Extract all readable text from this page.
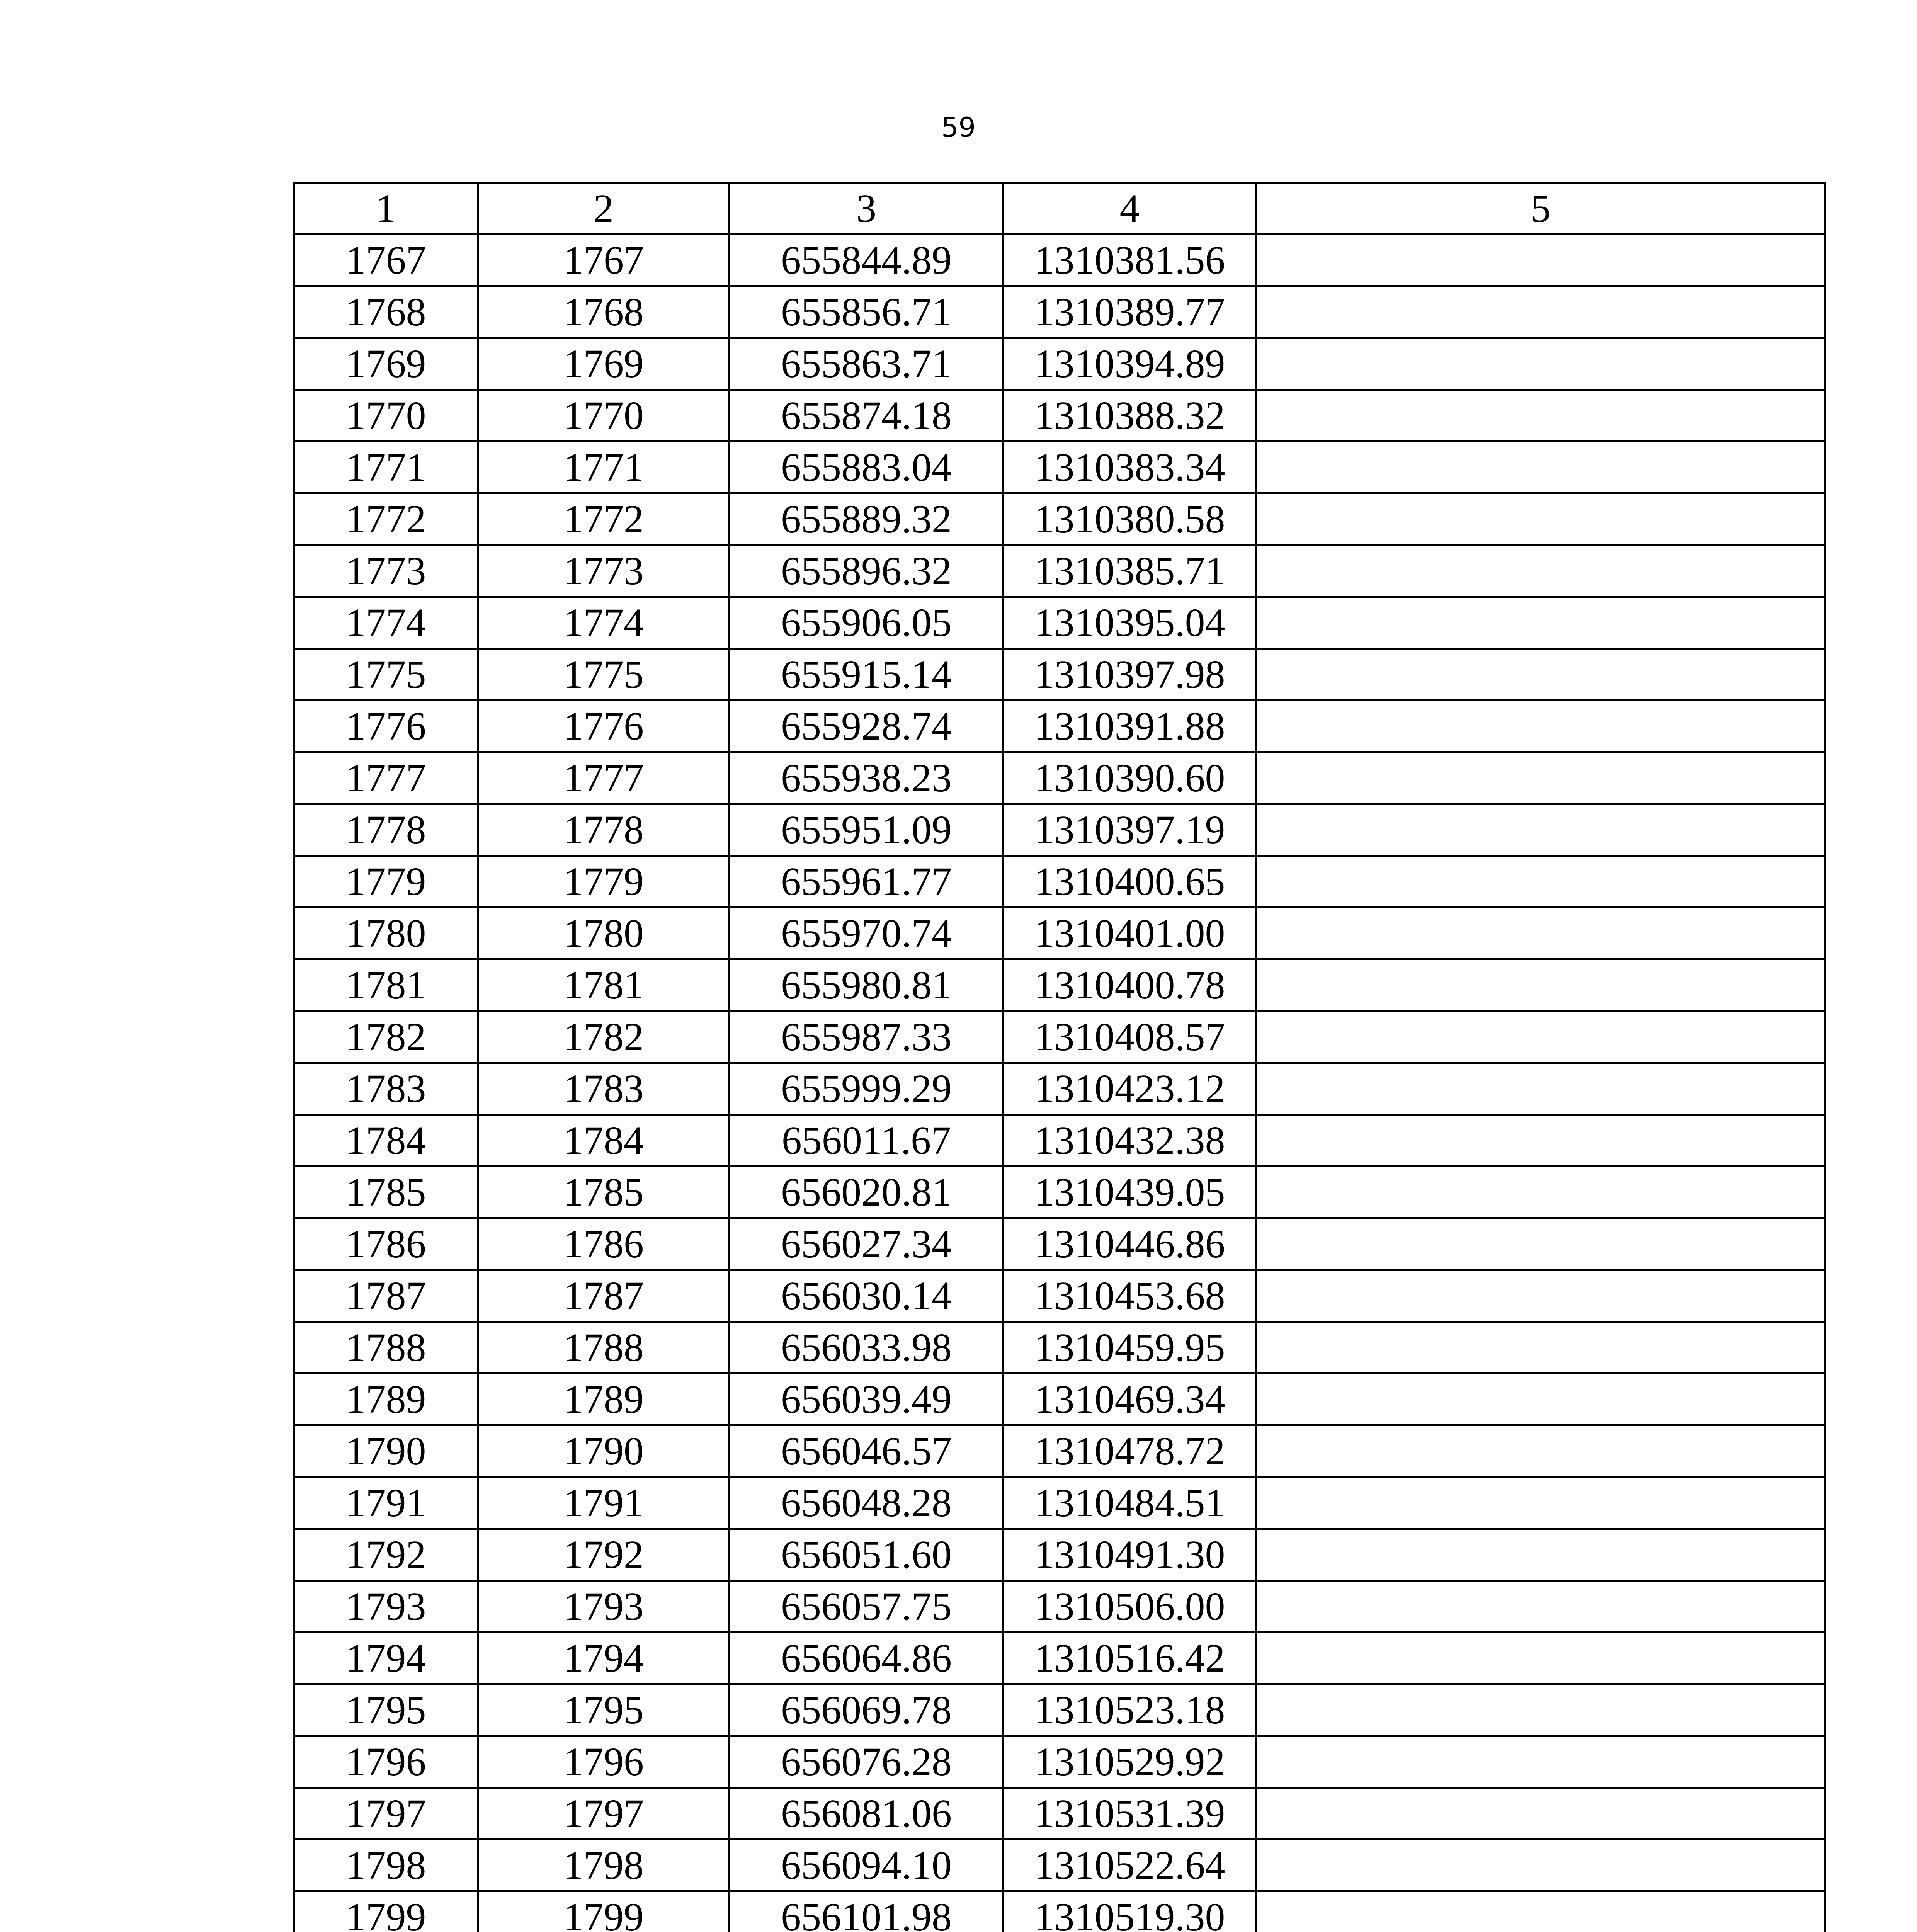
59
1	2	3	4	5
1767	1767	655844.89	1310381.56	
1768	1768	655856.71	1310389.77	
1769	1769	655863.71	1310394.89	
1770	1770	655874.18	1310388.32	
1771	1771	655883.04	1310383.34	
1772	1772	655889.32	1310380.58	
1773	1773	655896.32	1310385.71	
1774	1774	655906.05	1310395.04	
1775	1775	655915.14	1310397.98	
1776	1776	655928.74	1310391.88	
1777	1777	655938.23	1310390.60	
1778	1778	655951.09	1310397.19	
1779	1779	655961.77	1310400.65	
1780	1780	655970.74	1310401.00	
1781	1781	655980.81	1310400.78	
1782	1782	655987.33	1310408.57	
1783	1783	655999.29	1310423.12	
1784	1784	656011.67	1310432.38	
1785	1785	656020.81	1310439.05	
1786	1786	656027.34	1310446.86	
1787	1787	656030.14	1310453.68	
1788	1788	656033.98	1310459.95	
1789	1789	656039.49	1310469.34	
1790	1790	656046.57	1310478.72	
1791	1791	656048.28	1310484.51	
1792	1792	656051.60	1310491.30	
1793	1793	656057.75	1310506.00	
1794	1794	656064.86	1310516.42	
1795	1795	656069.78	1310523.18	
1796	1796	656076.28	1310529.92	
1797	1797	656081.06	1310531.39	
1798	1798	656094.10	1310522.64	
1799	1799	656101.98	1310519.30	
